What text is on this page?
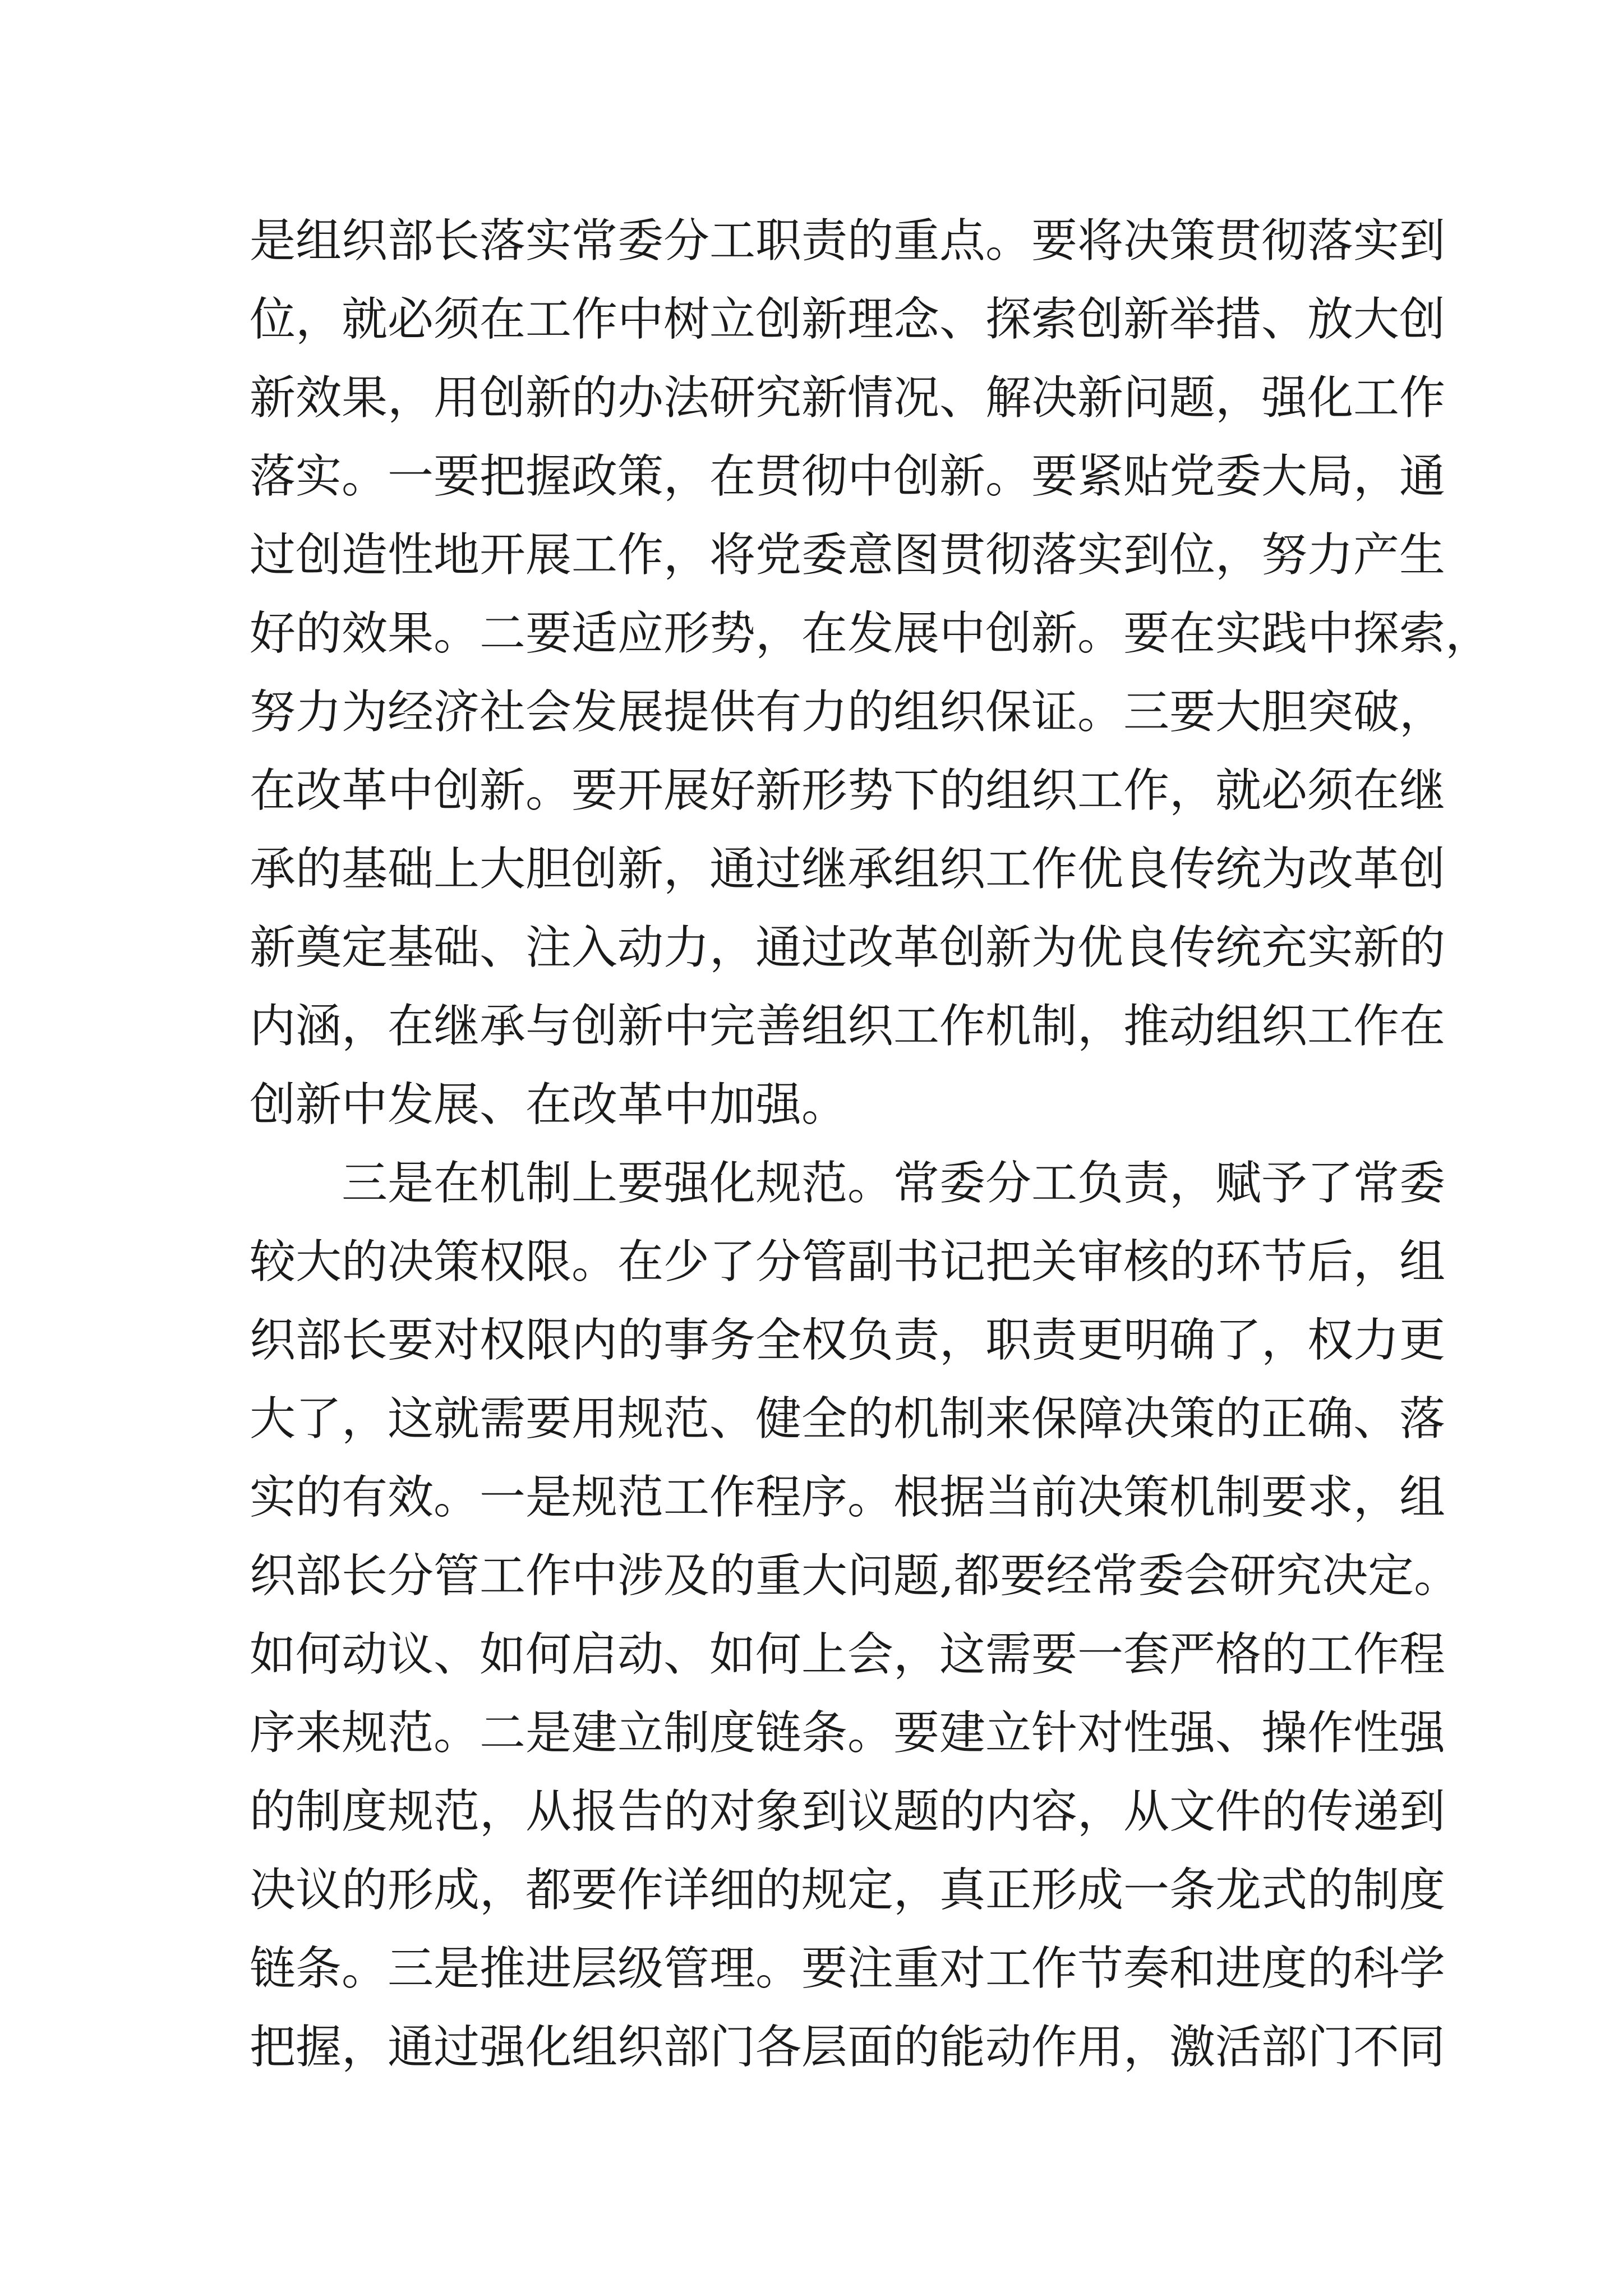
是组织部长落实常委分工职责的重点。要将决策贯彻落实到
位，就必须在工作中树立创新理念、探索创新举措、放大创
新效果，用创新的办法研究新情况、解决新问题，强化工作
落实。一要把握政策，在贯彻中创新。要紧贴党委大局，通
过创造性地开展工作，将党委意图贯彻落实到位，努力产生
好的效果。二要适应形势，在发展中创新。要在实践中探索，
努力为经济社会发展提供有力的组织保证。三要大胆突破，
在改革中创新。要开展好新形势下的组织工作，就必须在继
承的基础上大胆创新，通过继承组织工作优良传统为改革创
新奠定基础、注入动力，通过改革创新为优良传统充实新的
内涵，在继承与创新中完善组织工作机制，推动组织工作在
创新中发展、在改革中加强。
三是在机制上要强化规范。常委分工负责，赋予了常委
较大的决策权限。在少了分管副书记把关审核的环节后，组
织部长要对权限内的事务全权负责，职责更明确了，权力更
大了，这就需要用规范、健全的机制来保障决策的正确、落
实的有效。一是规范工作程序。根据当前决策机制要求，组
织部长分管工作中涉及的重大问题,都要经常委会研究决定。
如何动议、如何启动、如何上会，这需要一套严格的工作程
序来规范。二是建立制度链条。要建立针对性强、操作性强
的制度规范，从报告的对象到议题的内容，从文件的传递到
决议的形成，都要作详细的规定，真正形成一条龙式的制度
链条。三是推进层级管理。要注重对工作节奏和进度的科学
把握，通过强化组织部门各层面的能动作用，激活部门不同
